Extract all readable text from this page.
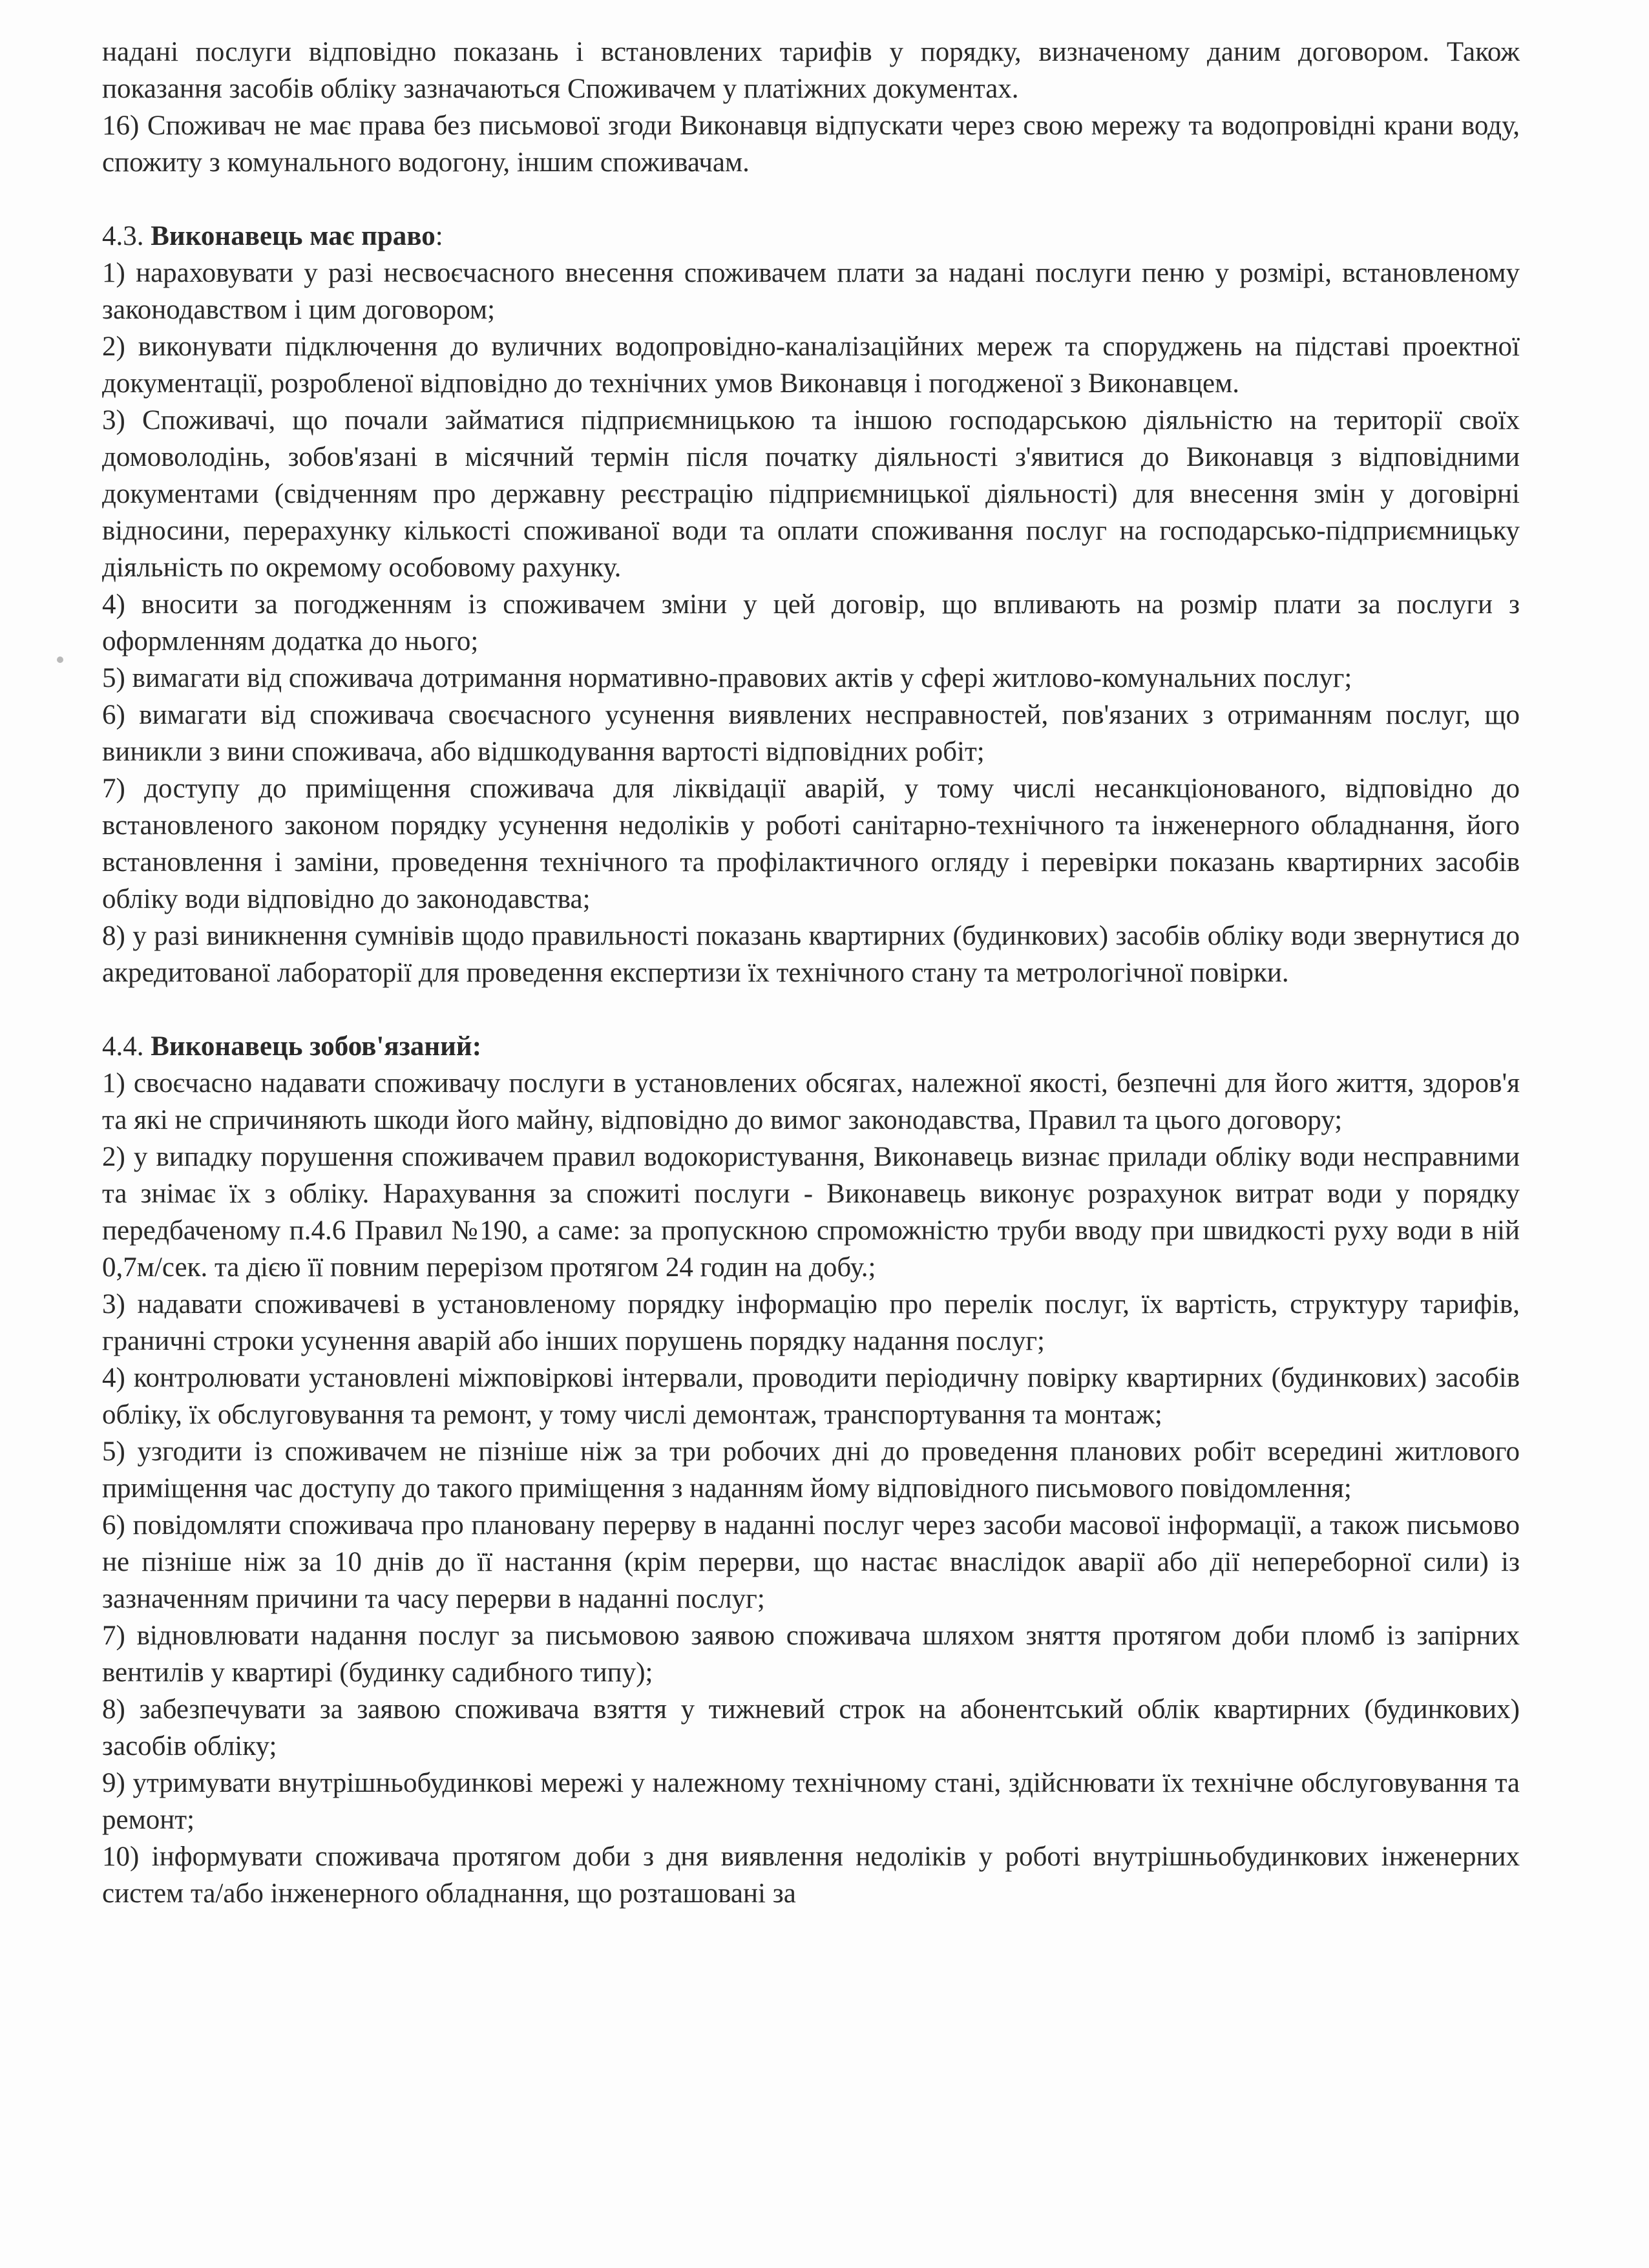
надані послуги відповідно показань і встановлених тарифів у порядку, визначеному даним договором. Також показання засобів обліку зазначаються Споживачем у платіжних документах.

16) Споживач не має права без письмової згоди Виконавця відпускати через свою мережу та водопровідні крани воду, спожиту з комунального водогону, іншим споживачам.

4.3. Виконавець має право:

1) нараховувати у разі несвоєчасного внесення споживачем плати за надані послуги пеню у розмірі, встановленому законодавством і цим договором;

2) виконувати підключення до вуличних водопровідно-каналізаційних мереж та споруджень на підставі проектної документації, розробленої відповідно до технічних умов Виконавця і погодженої з Виконавцем.

3) Споживачі, що почали займатися підприємницькою та іншою господарською діяльністю на території своїх домоволодінь, зобов'язані в місячний термін після початку діяльності з'явитися до Виконавця з відповідними документами (свідченням про державну реєстрацію підприємницької діяльності) для внесення змін у договірні відносини, перерахунку кількості споживаної води та оплати споживання послуг на господарсько-підприємницьку діяльність по окремому особовому рахунку.

4) вносити за погодженням із споживачем зміни у цей договір, що впливають на розмір плати за послуги з оформленням додатка до нього;

5) вимагати від споживача дотримання нормативно-правових актів у сфері житлово-комунальних послуг;

6) вимагати від споживача своєчасного усунення виявлених несправностей, пов'язаних з отриманням послуг, що виникли з вини споживача, або відшкодування вартості відповідних робіт;

7) доступу до приміщення споживача для ліквідації аварій, у тому числі несанкціонованого, відповідно до встановленого законом порядку усунення недоліків у роботі санітарно-технічного та інженерного обладнання, його встановлення і заміни, проведення технічного та профілактичного огляду і перевірки показань квартирних засобів обліку води відповідно до законодавства;

8) у разі виникнення сумнівів щодо правильності показань квартирних (будинкових) засобів обліку води звернутися до акредитованої лабораторії для проведення експертизи їх технічного стану та метрологічної повірки.

4.4. Виконавець зобов'язаний:

1) своєчасно надавати споживачу послуги в установлених обсягах, належної якості, безпечні для його життя, здоров'я та які не спричиняють шкоди його майну, відповідно до вимог законодавства, Правил та цього договору;

2) у випадку порушення споживачем правил водокористування, Виконавець визнає прилади обліку води несправними та знімає їх з обліку. Нарахування за спожиті послуги - Виконавець виконує розрахунок витрат води у порядку передбаченому п.4.6 Правил №190, а саме: за пропускною спроможністю труби вводу при швидкості руху води в ній 0,7м/сек. та дією її повним перерізом протягом 24 годин на добу.;

3) надавати споживачеві в установленому порядку інформацію про перелік послуг, їх вартість, структуру тарифів, граничні строки усунення аварій або інших порушень порядку надання послуг;

4) контролювати установлені міжповіркові інтервали, проводити періодичну повірку квартирних (будинкових) засобів обліку, їх обслуговування та ремонт, у тому числі демонтаж, транспортування та монтаж;

5) узгодити із споживачем не пізніше ніж за три робочих дні до проведення планових робіт всередині житлового приміщення час доступу до такого приміщення з наданням йому відповідного письмового повідомлення;

6) повідомляти споживача про плановану перерву в наданні послуг через засоби масової інформації, а також письмово не пізніше ніж за 10 днів до її настання (крім перерви, що настає внаслідок аварії або дії непереборної сили) із зазначенням причини та часу перерви в наданні послуг;

7) відновлювати надання послуг за письмовою заявою споживача шляхом зняття протягом доби пломб із запірних вентилів у квартирі (будинку садибного типу);

8) забезпечувати за заявою споживача взяття у тижневий строк на абонентський облік квартирних (будинкових) засобів обліку;

9) утримувати внутрішньобудинкові мережі у належному технічному стані, здійснювати їх технічне обслуговування та ремонт;

10) інформувати споживача протягом доби з дня виявлення недоліків у роботі внутрішньобудинкових інженерних систем та/або інженерного обладнання, що розташовані за
